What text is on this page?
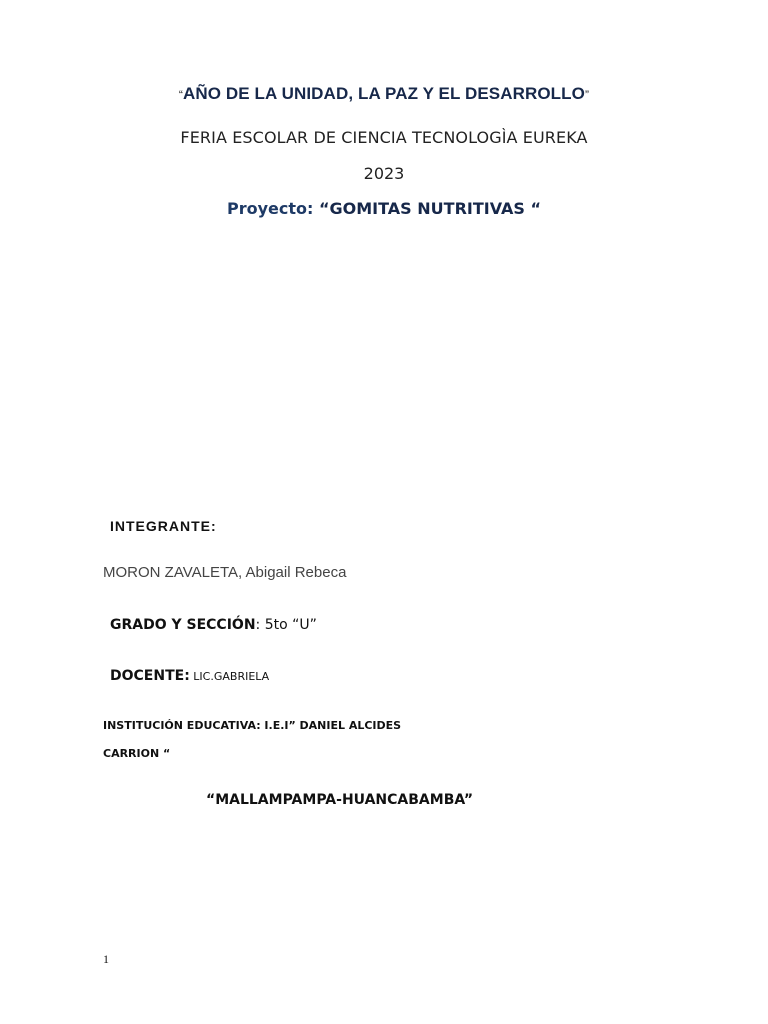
“AÑO DE LA UNIDAD, LA PAZ Y EL DESARROLLO”
FERIA ESCOLAR DE CIENCIA TECNOLOGÌA EUREKA
2023
Proyecto: “GOMITAS NUTRITIVAS “
INTEGRANTE:
MORON ZAVALETA, Abigail Rebeca
GRADO Y SECCIÓN: 5to “U”
DOCENTE: LIC.GABRIELA
INSTITUCIÓN EDUCATIVA: I.E.I” DANIEL ALCIDES
CARRION “
“MALLAMPAMPA-HUANCABAMBA”
1
